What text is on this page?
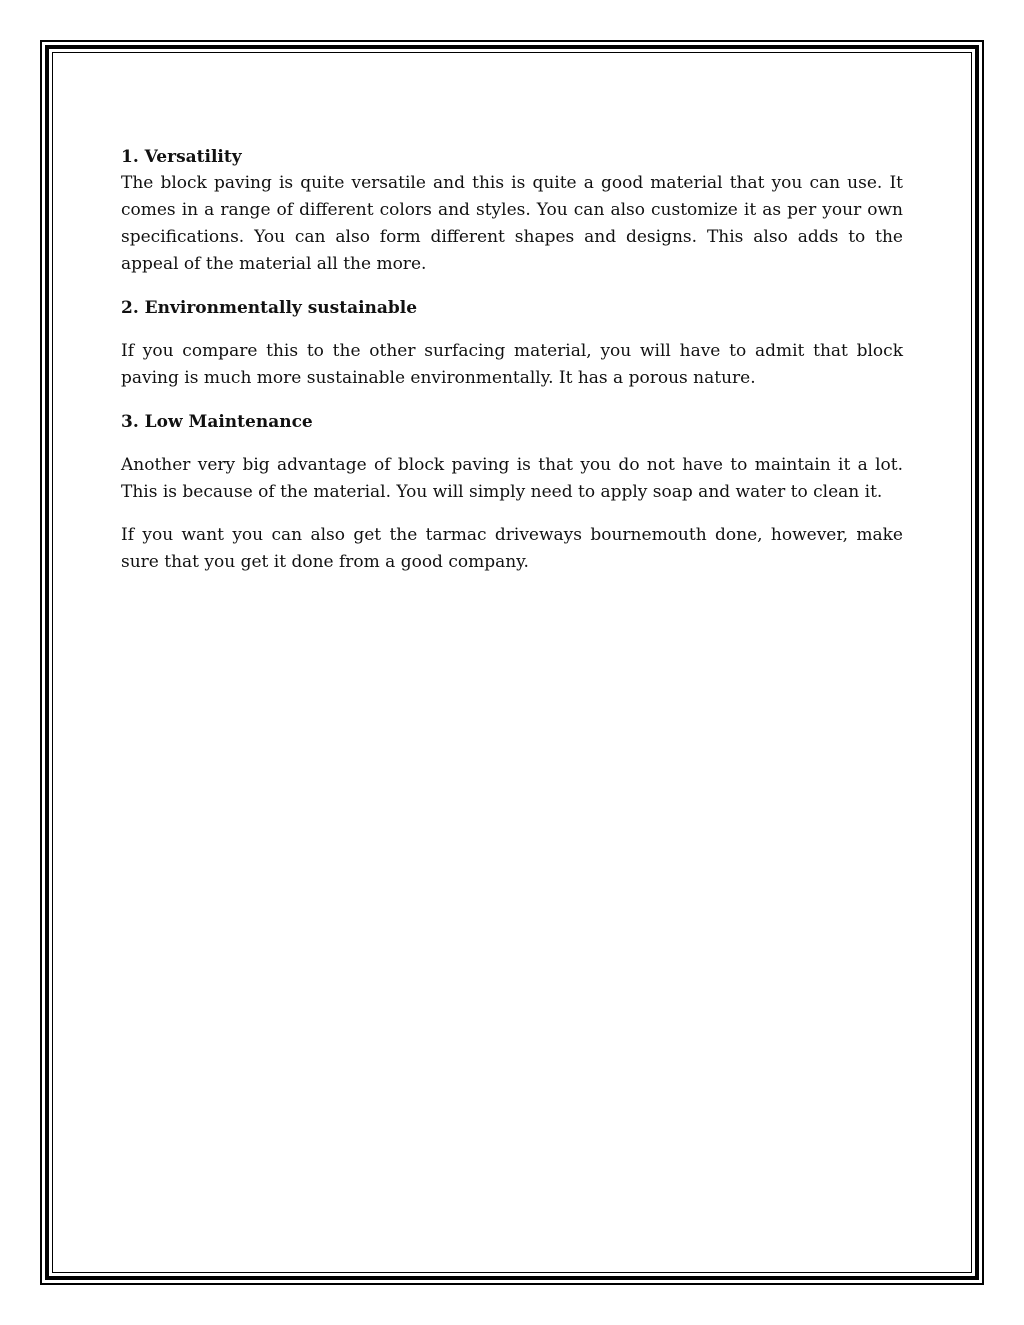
1. Versatility

The block paving is quite versatile and this is quite a good material that you can use. It comes in a range of different colors and styles. You can also customize it as per your own specifications. You can also form different shapes and designs. This also adds to the appeal of the material all the more.

2. Environmentally sustainable

If you compare this to the other surfacing material, you will have to admit that block paving is much more sustainable environmentally. It has a porous nature.

3. Low Maintenance

Another very big advantage of block paving is that you do not have to maintain it a lot. This is because of the material. You will simply need to apply soap and water to clean it.

If you want you can also get the tarmac driveways bournemouth done, however, make sure that you get it done from a good company.
